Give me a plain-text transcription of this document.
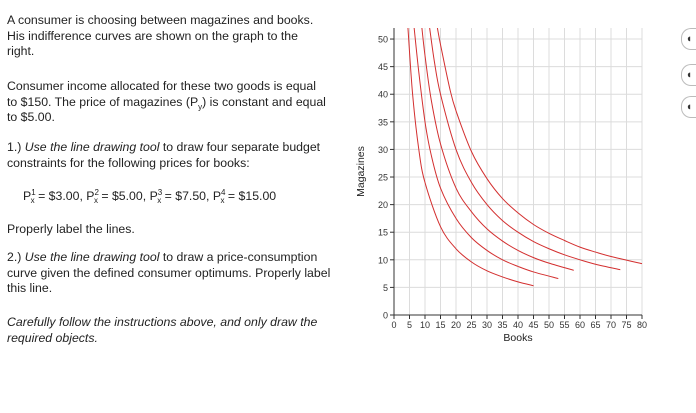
A consumer is choosing between magazines and books. His indifference curves are shown on the graph to the right.

Consumer income allocated for these two goods is equal to $150. The price of magazines $(P_y)$ is constant and equal to $5.00.

1.) Use the line drawing tool to draw four separate budget constraints for the following prices for books:

$P^1_x$ = $3.00, $P^2_x$ = $5.00, $P^3_x$ = $7.50, $P^4_x$ = $15.00

Properly label the lines.

2.) Use the line drawing tool to draw a price-consumption curve given the defined consumer optimums. Properly label this line.

Carefully follow the instructions above, and only draw the required objects.

0
5
10
15
20
25
30
35
40
45
50
0 5 10 15 20 25 30 35 40 45 50 55 60 65 70 75 80
Books
Magazines
◖
◖
◖
